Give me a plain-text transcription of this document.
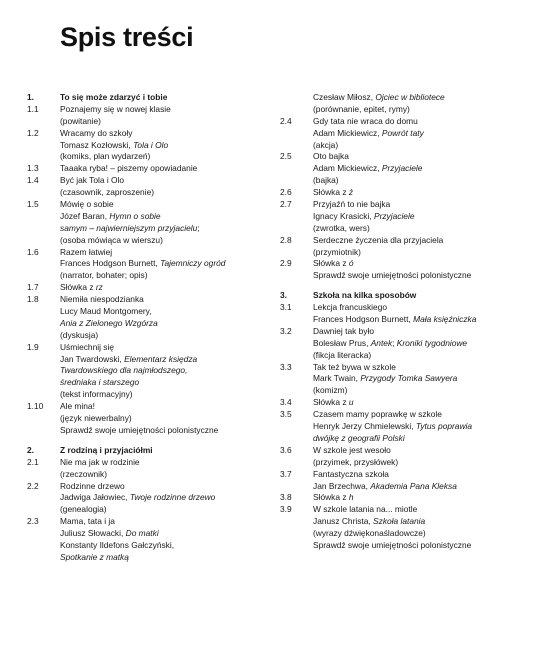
Spis treści
1.	To się może zdarzyć i tobie
1.1	Poznajemy się w nowej klasie
(powitanie)
1.2	Wracamy do szkoły
Tomasz Kozłowski, Tola i Olo
(komiks, plan wydarzeń)
1.3	Taaaka ryba! – piszemy opowiadanie
1.4	Być jak Tola i Olo
(czasownik, zaproszenie)
1.5	Mówię o sobie
Józef Baran, Hymn o sobie
samym – najwierniejszym przyjacielu;
(osoba mówiąca w wierszu)
1.6	Razem łatwiej
Frances Hodgson Burnett, Tajemniczy ogród
(narrator, bohater; opis)
1.7	Słówka z rz
1.8	Niemiła niespodzianka
Lucy Maud Montgomery,
Ania z Zielonego Wzgórza
(dyskusja)
1.9	Uśmiechnij się
Jan Twardowski, Elementarz księdza
Twardowskiego dla najmłodszego,
średniaka i starszego
(tekst informacyjny)
1.10 Ale mina!
(język niewerbalny)
Sprawdź swoje umiejętności polonistyczne
2.	Z rodziną i przyjaciółmi
2.1	Nie ma jak w rodzinie
(rzeczownik)
2.2	Rodzinne drzewo
Jadwiga Jałowiec, Twoje rodzinne drzewo
(genealogia)
2.3	Mama, tata i ja
Juliusz Słowacki, Do matki
Konstanty Ildefons Gałczyński,
Spotkanie z matką
Czesław Miłosz, Ojciec w bibliotece
(porównanie, epitet, rymy)
2.4	Gdy tata nie wraca do domu
Adam Mickiewicz, Powrót taty
(akcja)
2.5	Oto bajka
Adam Mickiewicz, Przyjaciele
(bajka)
2.6	Słówka z ż
2.7	Przyjaźń to nie bajka
Ignacy Krasicki, Przyjaciele
(zwrotka, wers)
2.8	Serdeczne życzenia dla przyjaciela
(przymiotnik)
2.9	Słówka z ó
Sprawdź swoje umiejętności polonistyczne
3.	Szkoła na kilka sposobów
3.1	Lekcja francuskiego
Frances Hodgson Burnett, Mała księżniczka
3.2	Dawniej tak było
Bolesław Prus, Antek; Kroniki tygodniowe
(fikcja literacka)
3.3	Tak też bywa w szkole
Mark Twain, Przygody Tomka Sawyera
(komizm)
3.4	Słówka z u
3.5	Czasem mamy poprawkę w szkole
Henryk Jerzy Chmielewski, Tytus poprawia
dwójkę z geografii Polski
3.6	W szkole jest wesoło
(przyimek, przysłówek)
3.7	Fantastyczna szkoła
Jan Brzechwa, Akademia Pana Kleksa
3.8	Słówka z h
3.9	W szkole latania na... miotle
Janusz Christa, Szkoła latania
(wyrazy dźwiękonaśladowcze)
Sprawdź swoje umiejętności polonistyczne
